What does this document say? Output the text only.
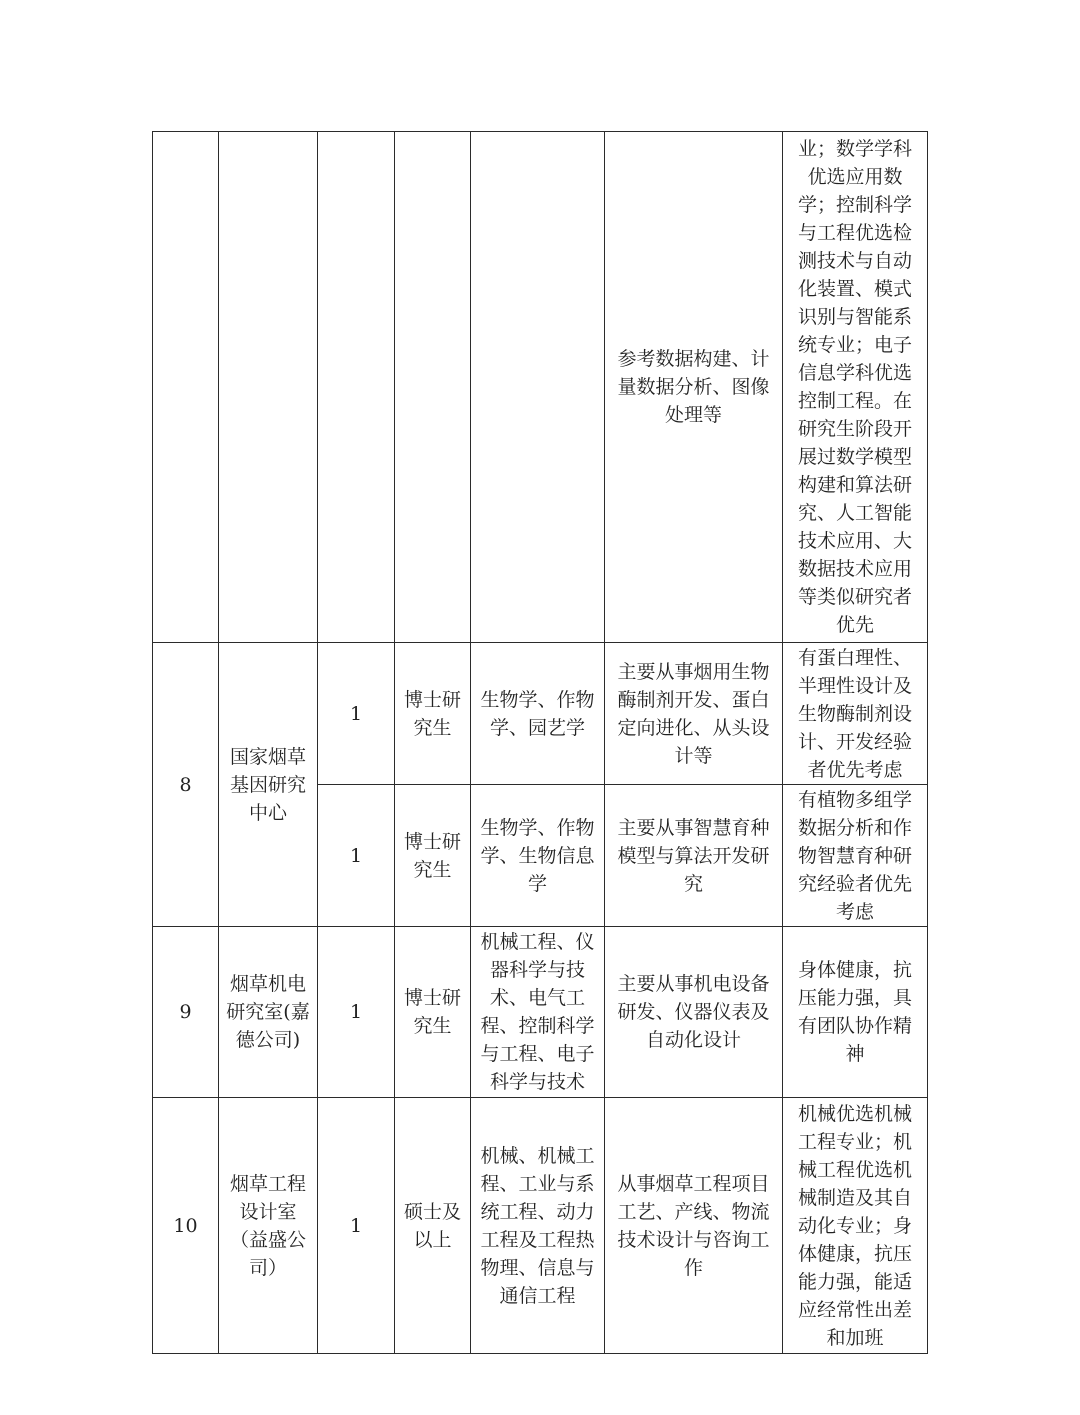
					参考数据构建、计量数据分析、图像处理等	业；数学学科优选应用数学；控制科学与工程优选检测技术与自动化装置、模式识别与智能系统专业；电子信息学科优选控制工程。在研究生阶段开展过数学模型构建和算法研究、人工智能技术应用、大数据技术应用等类似研究者优先
8	国家烟草基因研究中心	1	博士研究生	生物学、作物学、园艺学	主要从事烟用生物酶制剂开发、蛋白定向进化、从头设计等	有蛋白理性、半理性设计及生物酶制剂设计、开发经验者优先考虑
		1	博士研究生	生物学、作物学、生物信息学	主要从事智慧育种模型与算法开发研究	有植物多组学数据分析和作物智慧育种研究经验者优先考虑
9	烟草机电研究室(嘉德公司)	1	博士研究生	机械工程、仪器科学与技术、电气工程、控制科学与工程、电子科学与技术	主要从事机电设备研发、仪器仪表及自动化设计	身体健康，抗压能力强，具有团队协作精神
10	烟草工程设计室（益盛公司）	1	硕士及以上	机械、机械工程、工业与系统工程、动力工程及工程热物理、信息与通信工程	从事烟草工程项目工艺、产线、物流技术设计与咨询工作	机械优选机械工程专业；机械工程优选机械制造及其自动化专业；身体健康，抗压能力强，能适应经常性出差和加班
